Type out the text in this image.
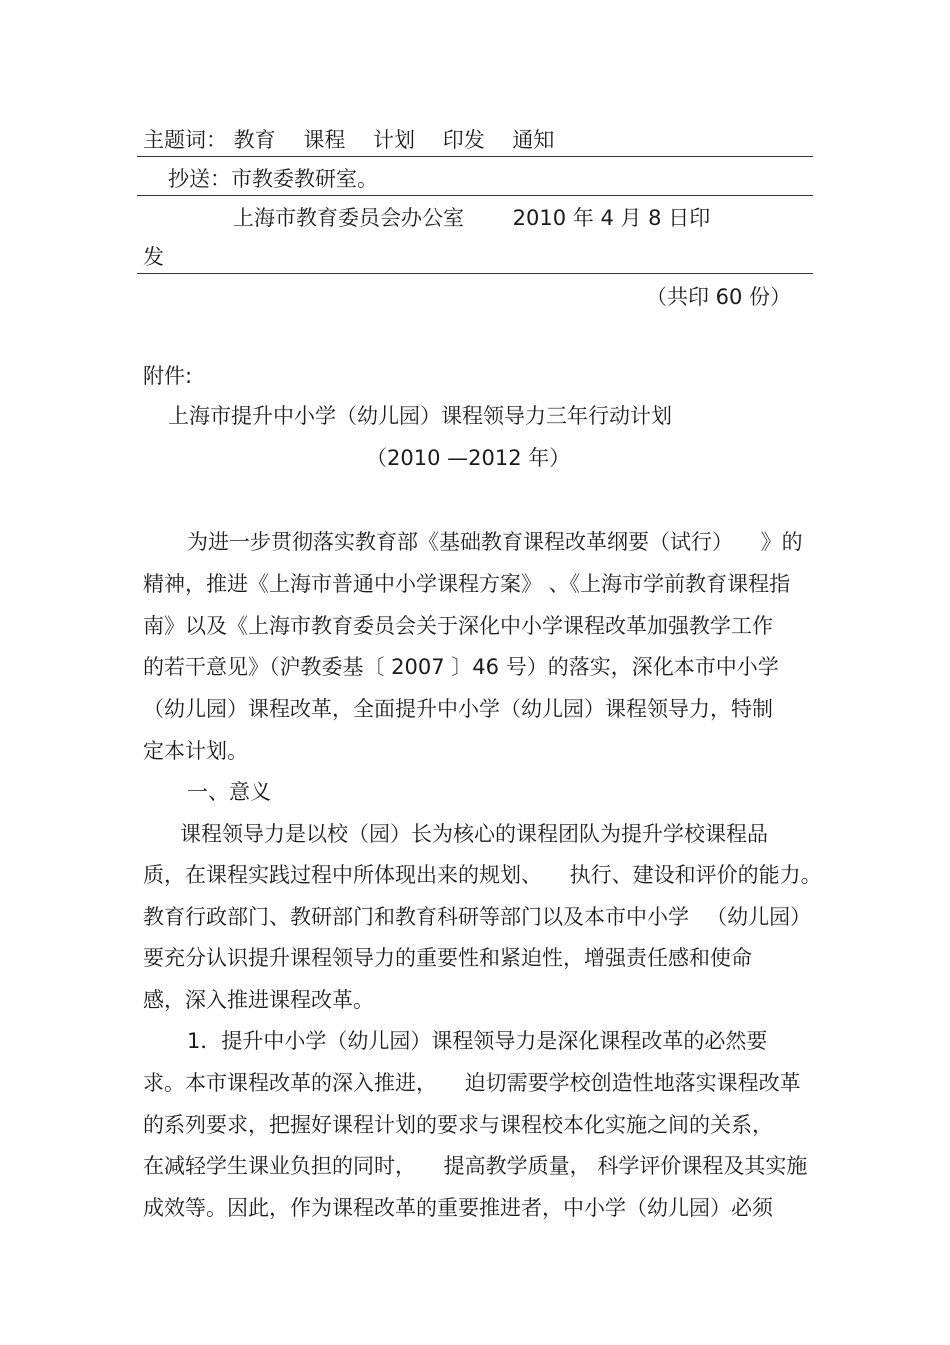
主题词： 教育 　课程 　计划 　印发 　通知
抄送：市教委教研室。
上海市教育委员会办公室 　　2010 年 4 月 8 日印
发
（共印 60 份）
附件:
上海市提升中小学（幼儿园）课程领导力三年行动计划
（2010 —2012 年）
为进一步贯彻落实教育部《基础教育课程改革纲要（试行） 　》的
精神，推进《上海市普通中小学课程方案》 、《上海市学前教育课程指
南》以及《上海市教育委员会关于深化中小学课程改革加强教学工作
的若干意见》（沪教委基〔 2007 〕46 号）的落实，深化本市中小学
（幼儿园）课程改革，全面提升中小学（幼儿园）课程领导力，特制
定本计划。
一、意义
课程领导力是以校（园）长为核心的课程团队为提升学校课程品
质，在课程实践过程中所体现出来的规划、 　执行、建设和评价的能力。
教育行政部门、教研部门和教育科研等部门以及本市中小学 　（幼儿园）
要充分认识提升课程领导力的重要性和紧迫性，增强责任感和使命
感，深入推进课程改革。
1．提升中小学（幼儿园）课程领导力是深化课程改革的必然要
求。本市课程改革的深入推进， 　迫切需要学校创造性地落实课程改革
的系列要求，把握好课程计划的要求与课程校本化实施之间的关系，
在减轻学生课业负担的同时， 　提高教学质量， 科学评价课程及其实施
成效等。因此，作为课程改革的重要推进者，中小学（幼儿园）必须
